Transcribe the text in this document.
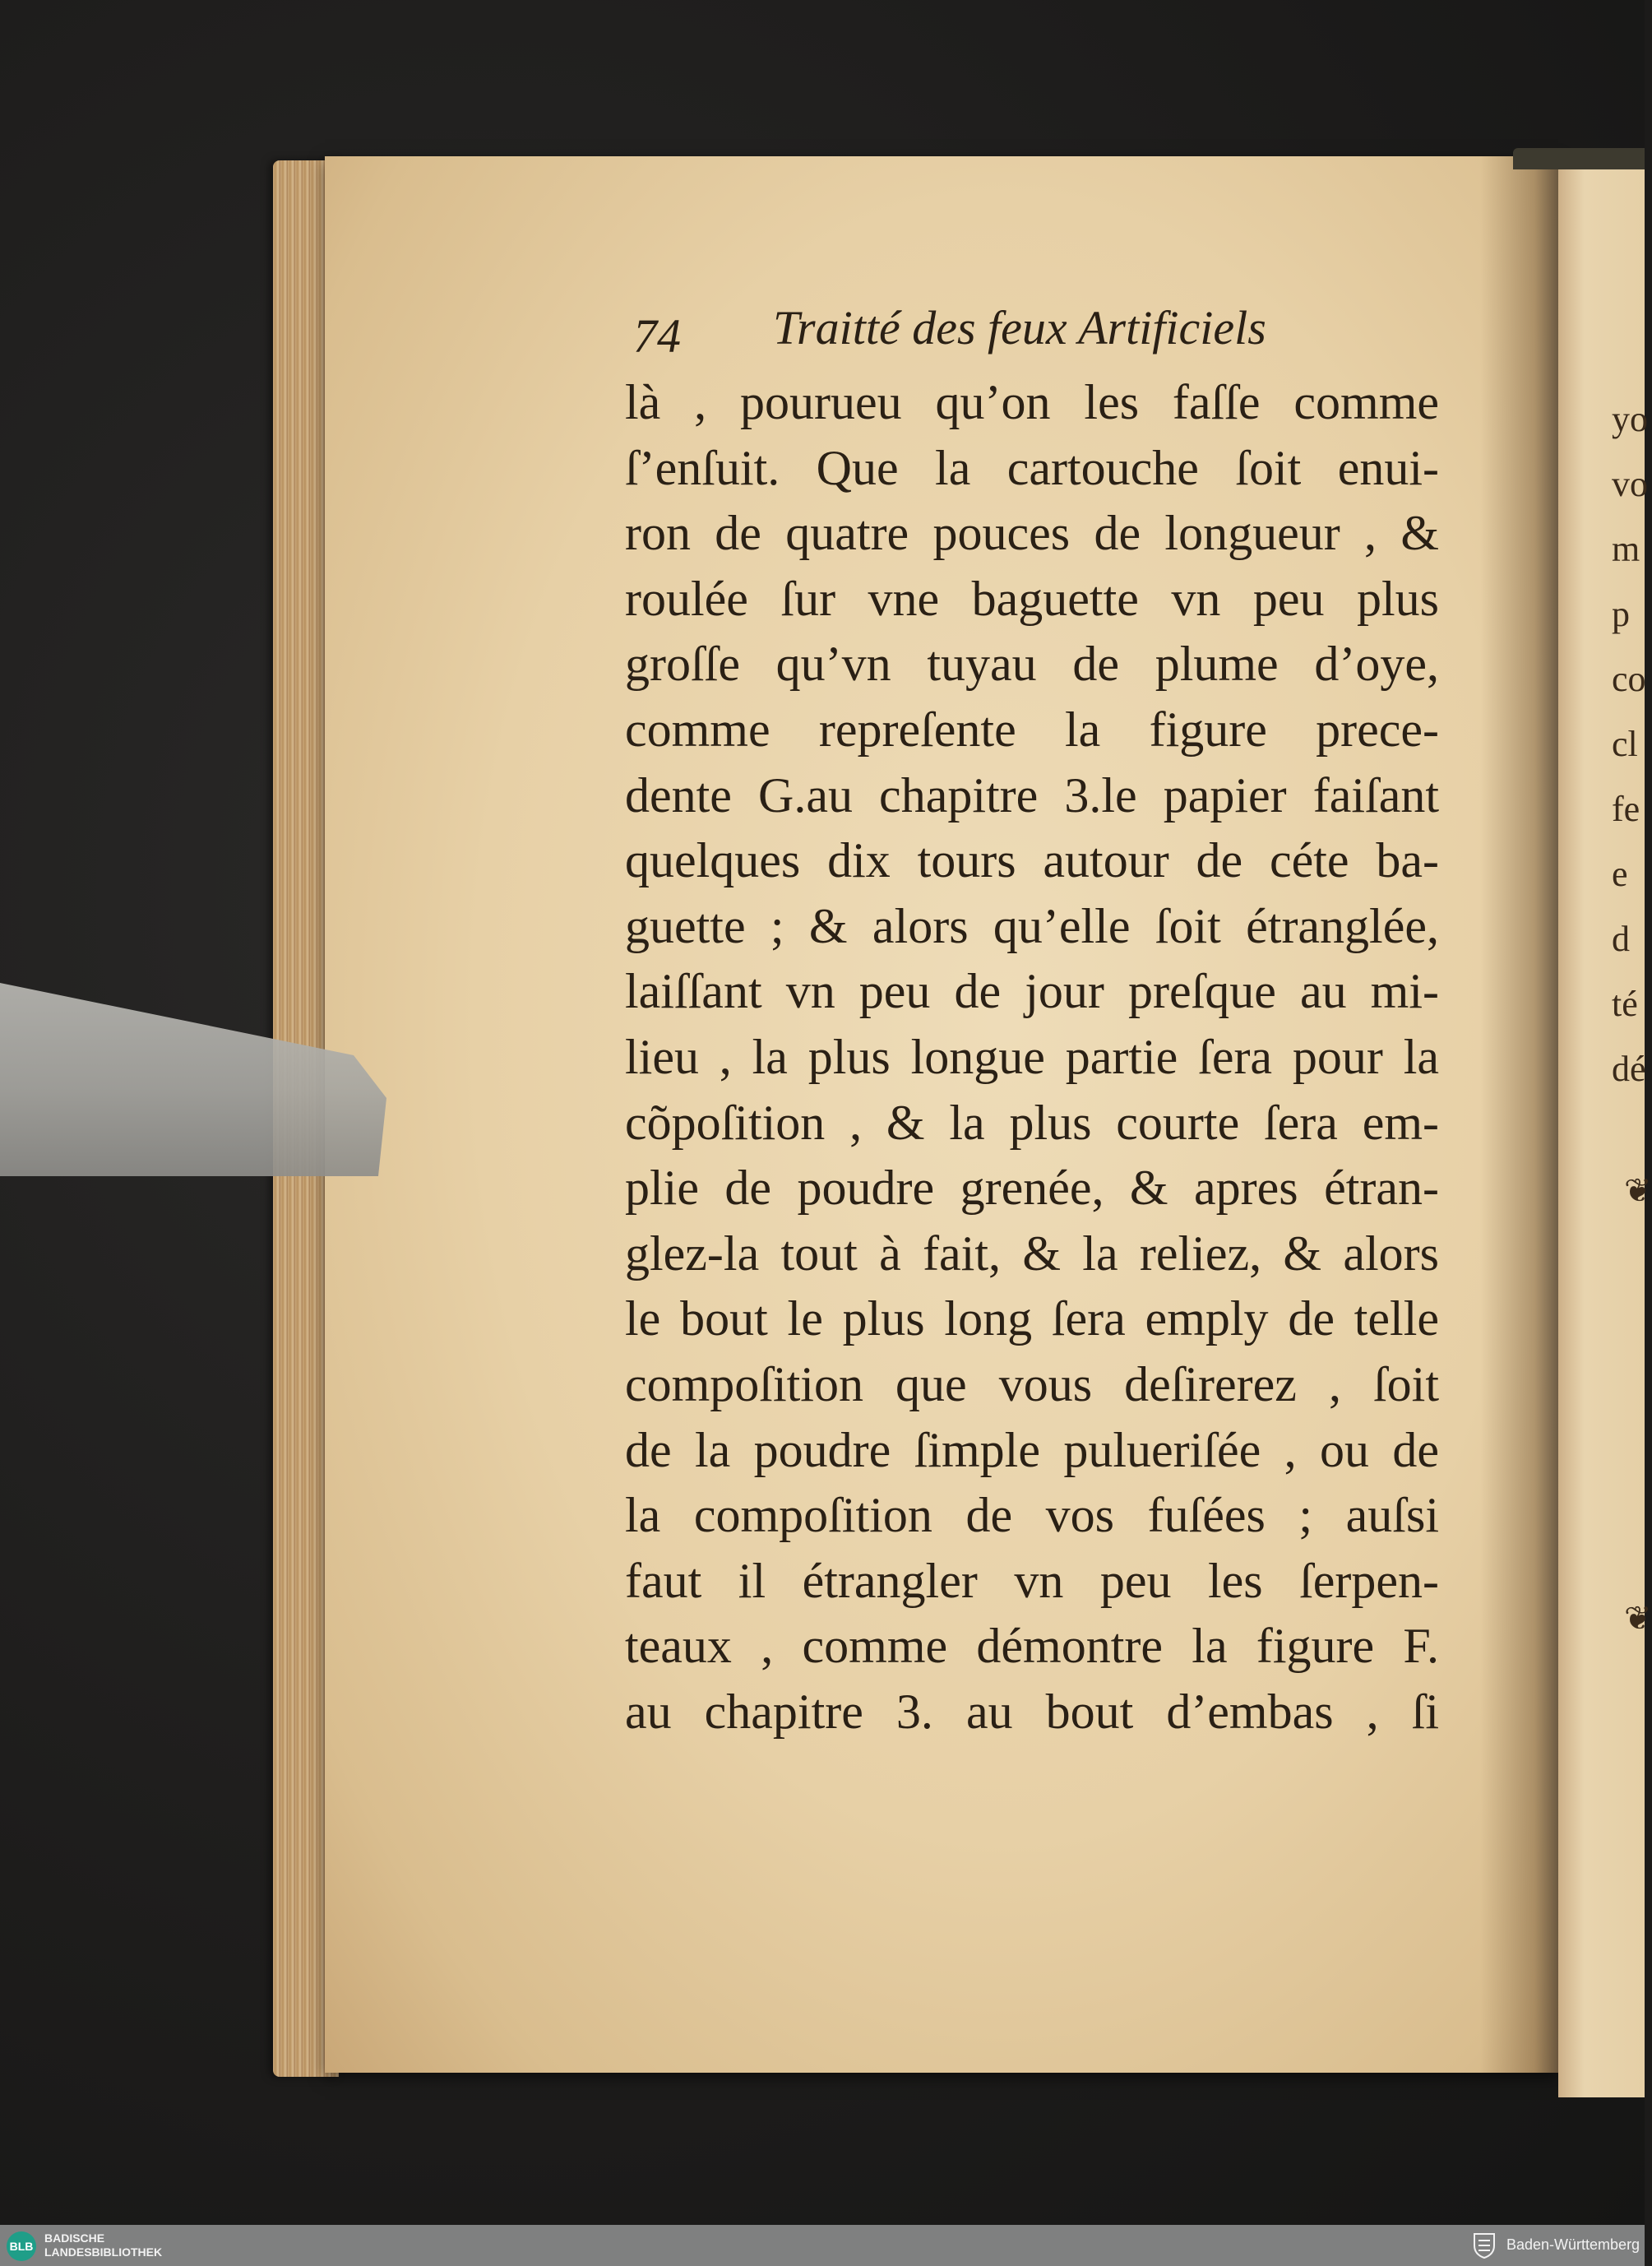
yo
vo
m
p
co
cl
fe
e
d
té
dé
❦
❦
74 Traitté des feux Artificiels
là , pourueu qu’on les faſſe comme
ſ’enſuit. Que la cartouche ſoit enui-
ron de quatre pouces de longueur , &
roulée ſur vne baguette vn peu plus
groſſe qu’vn tuyau de plume d’oye,
comme repreſente la figure prece-
dente G.au chapitre 3.le papier faiſant
quelques dix tours autour de céte ba-
guette ; & alors qu’elle ſoit étranglée,
laiſſant vn peu de jour preſque au mi-
lieu , la plus longue partie ſera pour la
cõpoſition , & la plus courte ſera em-
plie de poudre grenée, & apres étran-
glez-la tout à fait, & la reliez, & alors
le bout le plus long ſera emply de telle
compoſition que vous deſirerez , ſoit
de la poudre ſimple pulueriſée , ou de
la compoſition de vos fuſées ; auſsi
faut il étrangler vn peu les ſerpen-
teaux , comme démontre la figure F.
au chapitre 3. au bout d’embas , ſi
BLB
BADISCHE
LANDESBIBLIOTHEK	Baden-Württemberg
